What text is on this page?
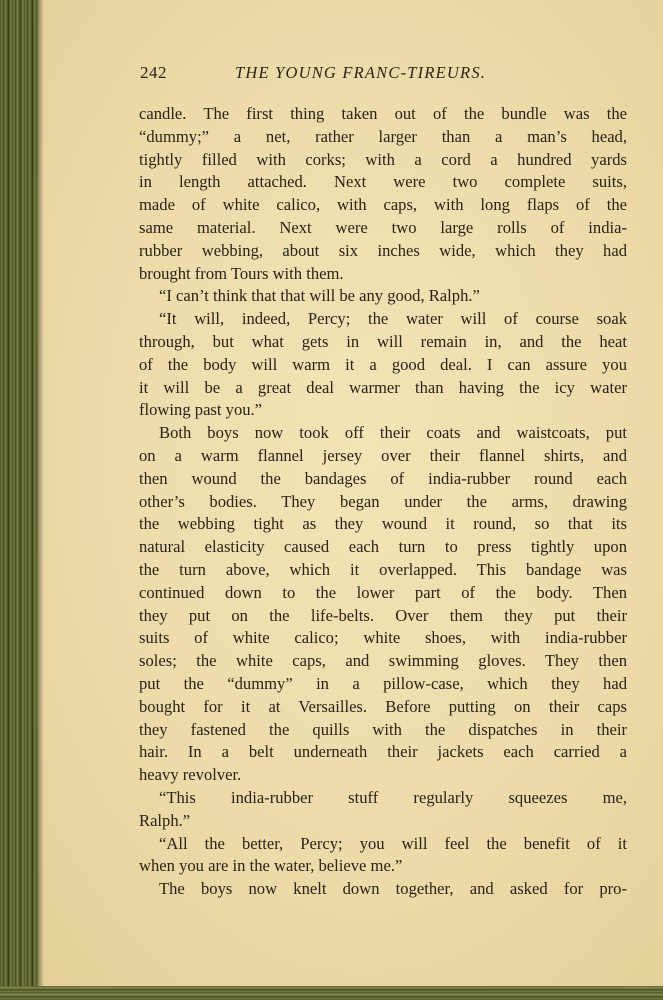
242	THE YOUNG FRANC-TIREURS.
candle. The first thing taken out of the bundle was the
“dummy;” a net, rather larger than a man’s head,
tightly filled with corks; with a cord a hundred yards
in length attached. Next were two complete suits,
made of white calico, with caps, with long flaps of the
same material. Next were two large rolls of india-
rubber webbing, about six inches wide, which they had
brought from Tours with them.
“I can’t think that that will be any good, Ralph.”
“It will, indeed, Percy; the water will of course soak
through, but what gets in will remain in, and the heat
of the body will warm it a good deal. I can assure you
it will be a great deal warmer than having the icy water
flowing past you.”
Both boys now took off their coats and waistcoats, put
on a warm flannel jersey over their flannel shirts, and
then wound the bandages of india-rubber round each
other’s bodies. They began under the arms, drawing
the webbing tight as they wound it round, so that its
natural elasticity caused each turn to press tightly upon
the turn above, which it overlapped. This bandage was
continued down to the lower part of the body. Then
they put on the life-belts. Over them they put their
suits of white calico; white shoes, with india-rubber
soles; the white caps, and swimming gloves. They then
put the “dummy” in a pillow-case, which they had
bought for it at Versailles. Before putting on their caps
they fastened the quills with the dispatches in their
hair. In a belt underneath their jackets each carried a
heavy revolver.
“This india-rubber stuff regularly squeezes me,
Ralph.”
“All the better, Percy; you will feel the benefit of it
when you are in the water, believe me.”
The boys now knelt down together, and asked for pro-
